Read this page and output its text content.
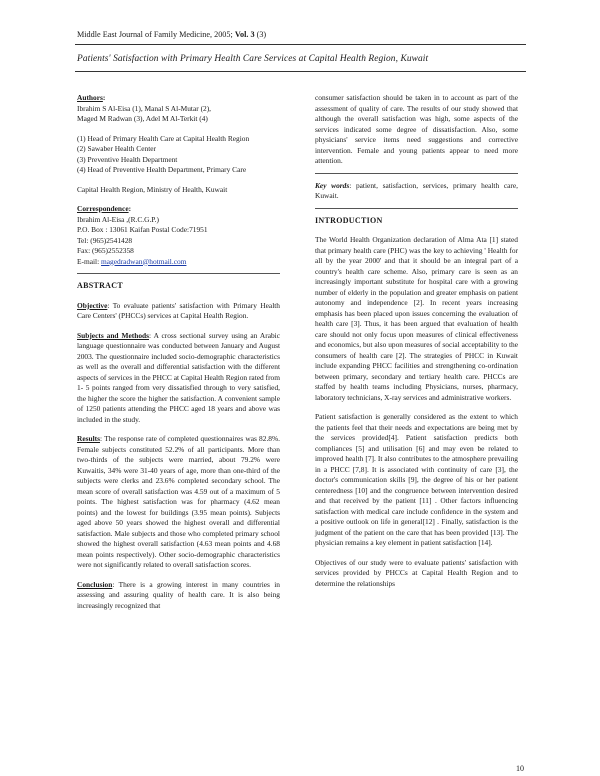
Middle East Journal of Family Medicine, 2005; Vol. 3 (3)
Patients' Satisfaction with Primary Health Care Services at Capital Health Region, Kuwait

Authors:

Ibrahim S Al-Eisa (1), Manal S Al-Mutar (2),

Maged M Radwan (3), Adel M Al-Terkit (4)

(1) Head of Primary Health Care at Capital Health Region

(2) Sawaber Health Center

(3) Preventive Health Department

(4) Head of Preventive Health Department, Primary Care

Capital Health Region, Ministry of Health, Kuwait

Correspondence:

Ibrahim Al-Eisa ,(R.C.G.P.)

P.O. Box : 13061 Kaifan Postal Code:71951

Tel: (965)2541428

Fax: (965)2552358

E-mail: magedradwan@hotmail.com

ABSTRACT

Objective: To evaluate patients' satisfaction with Primary Health Care Centers' (PHCCs) services at Capital Health Region.

Subjects and Methods: A cross sectional survey using an Arabic language questionnaire was conducted between January and August 2003. The questionnaire included socio-demographic characteristics as well as the overall and differential satisfaction with the different aspects of services in the PHCC at Capital Health Region rated from 1- 5 points ranged from very dissatisfied through to very satisfied, the higher the score the higher the satisfaction. A convenient sample of 1250 patients attending the PHCC aged 18 years and above was included in the study.

Results: The response rate of completed questionnaires was 82.8%. Female subjects constituted 52.2% of all participants. More than two-thirds of the subjects were married, about 79.2% were Kuwaitis, 34% were 31-40 years of age, more than one-third of the subjects were clerks and 23.6% completed secondary school. The mean score of overall satisfaction was 4.59 out of a maximum of 5 points. The highest satisfaction was for pharmacy (4.62 mean points) and the lowest for buildings (3.95 mean points). Subjects aged above 50 years showed the highest overall and differential satisfaction. Male subjects and those who completed primary school showed the highest overall satisfaction (4.63 mean points and 4.68 mean points respectively). Other socio-demographic characteristics were not significantly related to overall satisfaction scores.

Conclusion: There is a growing interest in many countries in assessing and assuring quality of health care. It is also being increasingly recognized that

consumer satisfaction should be taken in to account as part of the assessment of quality of care. The results of our study showed that although the overall satisfaction was high, some aspects of the services indicated some degree of dissatisfaction. Also, some physicians' service items need suggestions and corrective intervention. Female and young patients appear to need more attention.

Key words: patient, satisfaction, services, primary health care, Kuwait.

INTRODUCTION

The World Health Organization declaration of Alma Ata [1] stated that primary health care (PHC) was the key to achieving ' Health for all by the year 2000' and that it should be an integral part of a country's health care scheme. Also, primary care is seen as an increasingly important substitute for hospital care with a growing number of elderly in the population and greater emphasis on patient autonomy and independence [2]. In recent years increasing emphasis has been placed upon issues concerning the evaluation of health care [3]. Thus, it has been argued that evaluation of health care should not only focus upon measures of clinical effectiveness and economics, but also upon measures of social acceptability to the consumers of health care [2]. The strategies of PHCC in Kuwait include expanding PHCC facilities and strengthening co-ordination between primary, secondary and tertiary health care. PHCCs are staffed by health teams including Physicians, nurses, pharmacy, laboratory technicians, X-ray services and administrative workers.

Patient satisfaction is generally considered as the extent to which the patients feel that their needs and expectations are being met by the services provided[4]. Patient satisfaction predicts both compliances [5] and utilisation [6] and may even be related to improved health [7]. It also contributes to the atmosphere prevailing in a PHCC [7,8]. It is associated with continuity of care [3], the doctor's communication skills [9], the degree of his or her patient centeredness [10] and the congruence between intervention desired and that received by the patient [11] . Other factors influencing satisfaction with medical care include confidence in the system and a positive outlook on life in general[12] . Finally, satisfaction is the judgment of the patient on the care that has been provided [13]. The physician remains a key element in patient satisfaction [14].

Objectives of our study were to evaluate patients' satisfaction with services provided by PHCCs at Capital Health Region and to determine the relationships

10
